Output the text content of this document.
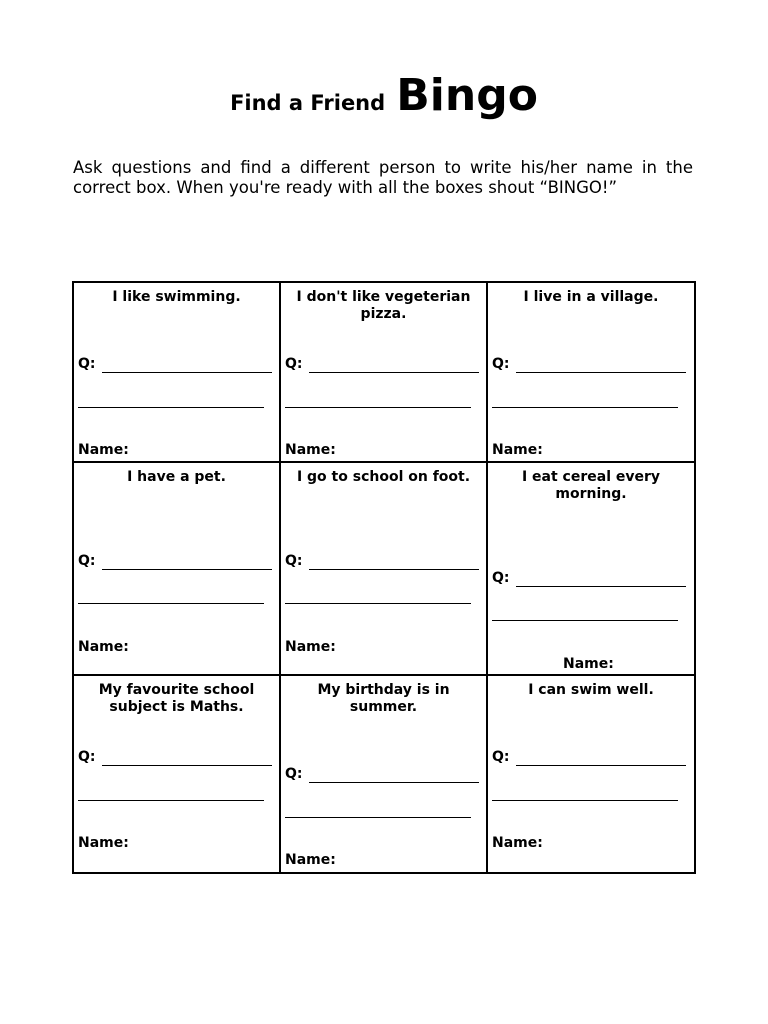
Find a Friend Bingo

Ask questions and find a different person to write his/her name in the correct box. When you're ready with all the boxes shout “BINGO!”

I like swimming.
Q:
Name:
I don't like vegeterian pizza.
Q:
Name:
I live in a village.
Q:
Name:
I have a pet.
Q:
Name:
I go to school on foot.
Q:
Name:
I eat cereal every morning.
Q:
Name:
My favourite school subject is Maths.
Q:
Name:
My birthday is in summer.
Q:
Name:
I can swim well.
Q:
Name:
